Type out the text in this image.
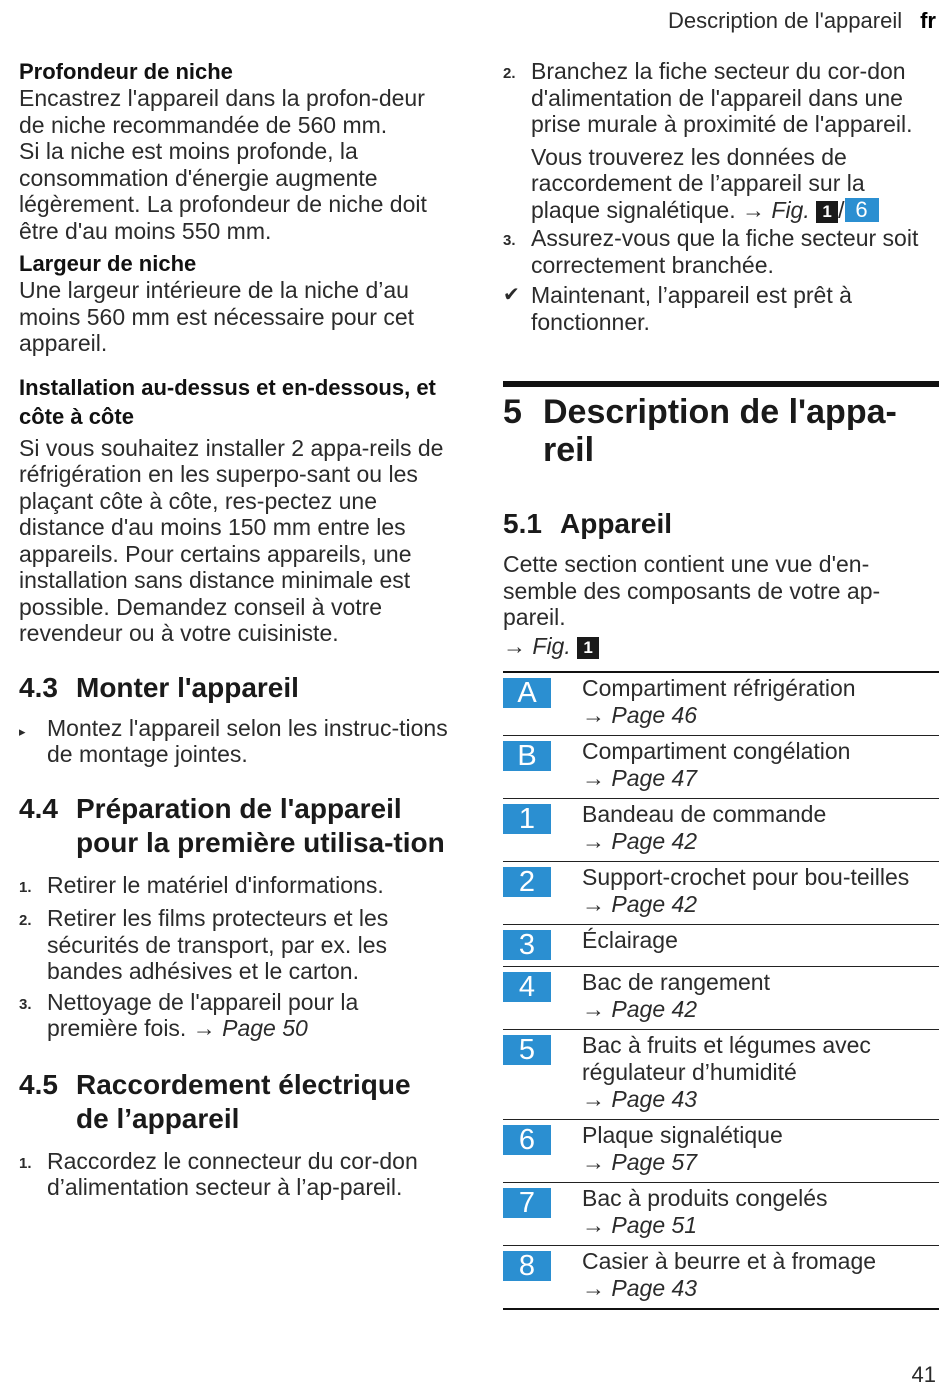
Description de l'appareil fr

Profondeur de niche

Encastrez l'appareil dans la profon-deur de niche recommandée de 560 mm.

Si la niche est moins profonde, la consommation d'énergie augmente légèrement. La profondeur de niche doit être d'au moins 550 mm.

Largeur de niche

Une largeur intérieure de la niche d’au moins 560 mm est nécessaire pour cet appareil.

Installation au-dessus et en-dessous, et côte à côte

Si vous souhaitez installer 2 appa-reils de réfrigération en les superpo-sant ou les plaçant côte à côte, res-pectez une distance d'au moins 150 mm entre les appareils. Pour certains appareils, une installation sans distance minimale est possible. Demandez conseil à votre revendeur ou à votre cuisiniste.

4.3 Monter l'appareil
▸ Montez l'appareil selon les instruc-tions de montage jointes.
4.4 Préparation de l'appareil pour la première utilisa-tion
1. Retirer le matériel d'informations.
2. Retirer les films protecteurs et les sécurités de transport, par ex. les bandes adhésives et le carton.
3. Nettoyage de l'appareil pour la première fois. → Page 50
4.5 Raccordement électrique de l’appareil
1. Raccordez le connecteur du cor-don d’alimentation secteur à l’ap-pareil.
2. Branchez la fiche secteur du cor-don d'alimentation de l'appareil dans une prise murale à proximité de l'appareil.
Vous trouverez les données de raccordement de l’appareil sur la plaque signalétique. → Fig. 1 / 6
3. Assurez-vous que la fiche secteur soit correctement branchée.
✔ Maintenant, l’appareil est prêt à fonctionner.
5 Description de l'appa-reil
5.1 Appareil

Cette section contient une vue d'en-semble des composants de votre ap-pareil.

→ Fig. 1

A	Compartiment réfrigération
→ Page 46

B	Compartiment congélation
→ Page 47

1	Bandeau de commande
→ Page 42

2	Support-crochet pour bou-teilles
→ Page 42

3	Éclairage

4	Bac de rangement
→ Page 42

5	Bac à fruits et légumes avec régulateur d’humidité
→ Page 43

6	Plaque signalétique
→ Page 57

7	Bac à produits congelés
→ Page 51

8	Casier à beurre et à fromage
→ Page 43
41
